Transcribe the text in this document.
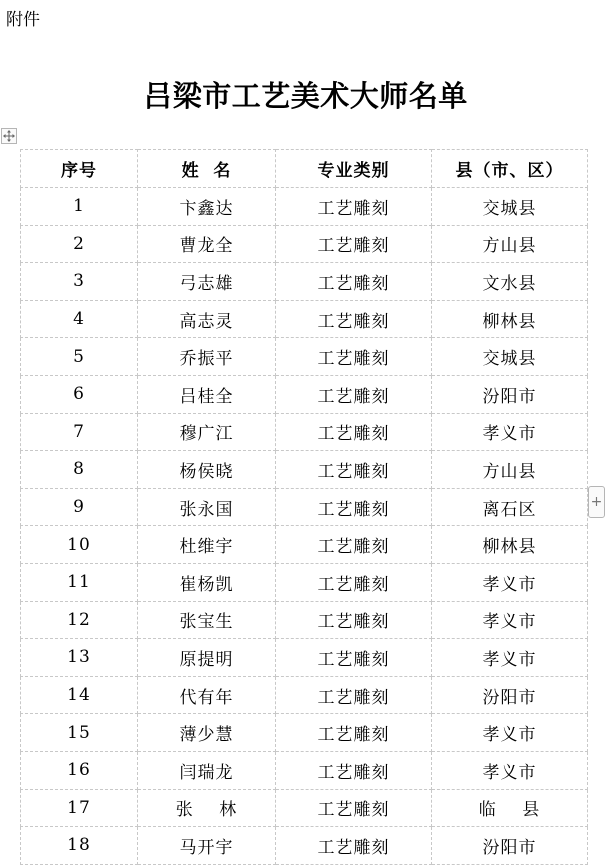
附件
吕梁市工艺美术大师名单
序号	姓  名	专业类别	县（市、区）
1	卞鑫达	工艺雕刻	交城县
2	曹龙全	工艺雕刻	方山县
3	弓志雄	工艺雕刻	文水县
4	高志灵	工艺雕刻	柳林县
5	乔振平	工艺雕刻	交城县
6	吕桂全	工艺雕刻	汾阳市
7	穆广江	工艺雕刻	孝义市
8	杨侯晓	工艺雕刻	方山县
9	张永国	工艺雕刻	离石区
10	杜维宇	工艺雕刻	柳林县
11	崔杨凯	工艺雕刻	孝义市
12	张宝生	工艺雕刻	孝义市
13	原提明	工艺雕刻	孝义市
14	代有年	工艺雕刻	汾阳市
15	薄少慧	工艺雕刻	孝义市
16	闫瑞龙	工艺雕刻	孝义市
17	张    林	工艺雕刻	临    县
18	马开宇	工艺雕刻	汾阳市
+
